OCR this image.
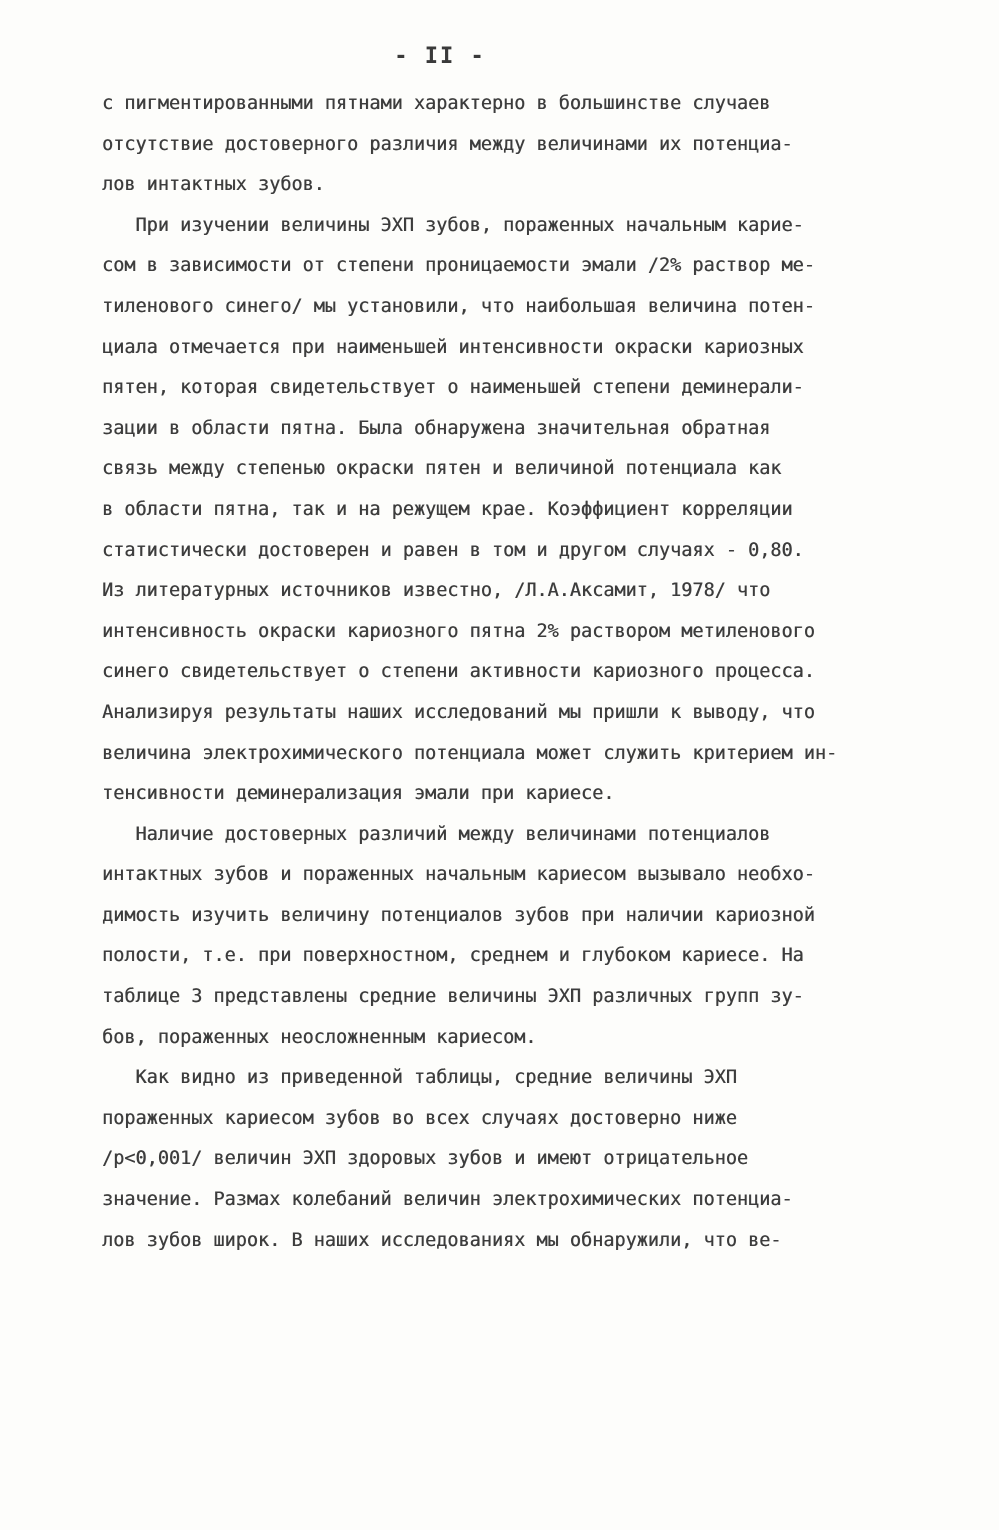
- II -
с пигментированными пятнами характерно в большинстве случаев
отсутствие достоверного различия между величинами их потенциа-
лов интактных зубов.
При изучении величины ЭХП зубов, пораженных начальным карие-
сом в зависимости от степени проницаемости эмали /2% раствор ме-
тиленового синего/ мы установили, что наибольшая величина потен-
циала отмечается при наименьшей интенсивности окраски кариозных
пятен, которая свидетельствует о наименьшей степени деминерали-
зации в области пятна. Была обнаружена значительная обратная
связь между степенью окраски пятен и величиной потенциала как
в области пятна, так и на режущем крае. Коэффициент корреляции
статистически достоверен и равен в том и другом случаях - 0,80.
Из литературных источников известно, /Л.А.Аксамит, 1978/ что
интенсивность окраски кариозного пятна 2% раствором метиленового
синего свидетельствует о степени активности кариозного процесса.
Анализируя результаты наших исследований мы пришли к выводу, что
величина электрохимического потенциала может служить критерием ин-
тенсивности деминерализация эмали при кариесе.
Наличие достоверных различий между величинами потенциалов
интактных зубов и пораженных начальным кариесом вызывало необхо-
димость изучить величину потенциалов зубов при наличии кариозной
полости, т.е. при поверхностном, среднем и глубоком кариесе. На
таблице 3 представлены средние величины ЭХП различных групп зу-
бов, пораженных неосложненным кариесом.
Как видно из приведенной таблицы, средние величины ЭХП
пораженных кариесом зубов во всех случаях достоверно ниже
/р<0,001/ величин ЭХП здоровых зубов и имеют отрицательное
значение. Размах колебаний величин электрохимических потенциа-
лов зубов широк. В наших исследованиях мы обнаружили, что ве-
